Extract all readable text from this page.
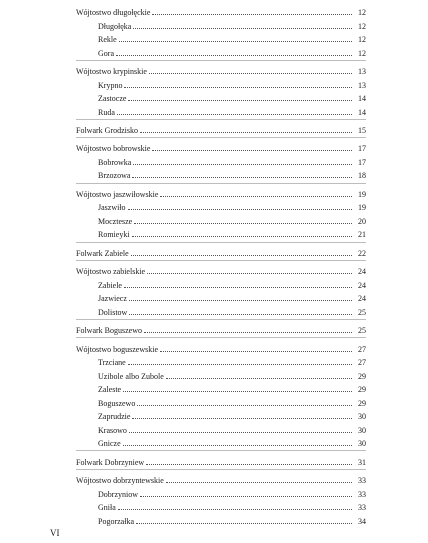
Wójtostwo długołęckie	12
Długołęka	12
Rekle	12
Gora	12
Wójtostwo krypinskie	13
Krypno	13
Zastocze	14
Ruda	14
Folwark Grodzisko	15
Wójtostwo bobrowskie	17
Bobrowka	17
Brzozowa	18
Wójtostwo jaszwiłowskie	19
Jaszwiło	19
Mocztesze	20
Romieyki	21
Folwark Zabiele	22
Wójtostwo zabielskie	24
Zabiele	24
Jazwiecz	24
Dolistow	25
Folwark Boguszewo	25
Wójtostwo boguszewskie	27
Trzciane	27
Uzibole albo Zubole	29
Zaleste	29
Boguszewo	29
Zaprudzie	30
Krasowo	30
Gnicze	30
Folwark Dobrzyniew	31
Wójtostwo dobrzyntewskie	33
Dobrzyniow	33
Gniła	33
Pogorzałka	34
VI
